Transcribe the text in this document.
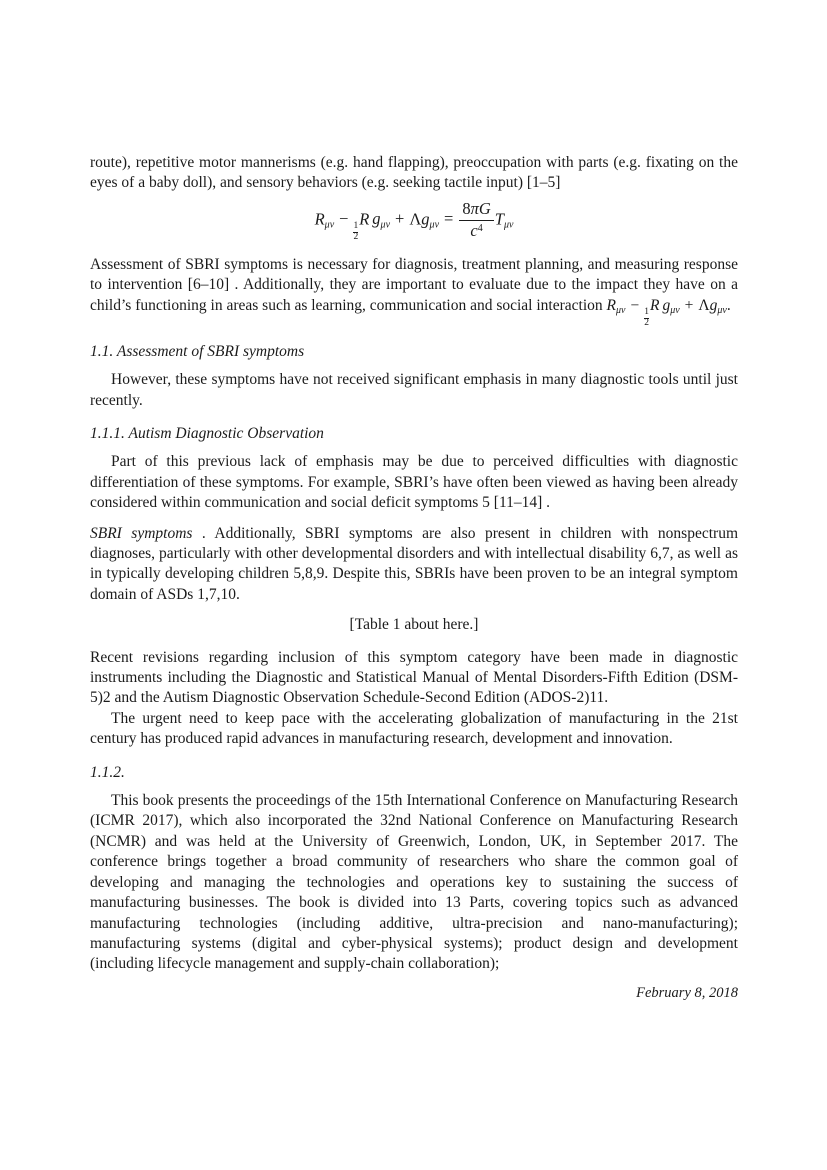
route), repetitive motor mannerisms (e.g. hand flapping), preoccupation with parts (e.g. fixating on the eyes of a baby doll), and sensory behaviors (e.g. seeking tactile input) [1–5]

$R_{\mu\nu}$ −
$\frac{1}{2}$
R $g_{\mu\nu} + \Lambda g_{\mu\nu} = \frac{8\pi G}{c^4} T_{\mu\nu}$

Assessment of SBRI symptoms is necessary for diagnosis, treatment planning, and measuring response to intervention [6–10] . Additionally, they are important to evaluate due to the impact they have on a child’s functioning in areas such as learning, communication and social interaction $R_{\mu\nu}$ −
$\frac{1}{2}$
R $g_{\mu\nu} + \Lambda g_{\mu\nu}$.

1.1. Assessment of SBRI symptoms

However, these symptoms have not received significant emphasis in many diagnostic tools until just recently.

1.1.1. Autism Diagnostic Observation

Part of this previous lack of emphasis may be due to perceived difficulties with diagnostic differentiation of these symptoms. For example, SBRI’s have often been viewed as having been already considered within communication and social deficit symptoms 5 [11–14] .

SBRI symptoms . Additionally, SBRI symptoms are also present in children with nonspectrum diagnoses, particularly with other developmental disorders and with intellectual disability 6,7, as well as in typically developing children 5,8,9. Despite this, SBRIs have been proven to be an integral symptom domain of ASDs 1,7,10.

[Table 1 about here.]

Recent revisions regarding inclusion of this symptom category have been made in diagnostic instruments including the Diagnostic and Statistical Manual of Mental Disorders-Fifth Edition (DSM-5)2 and the Autism Diagnostic Observation Schedule-Second Edition (ADOS-2)11.

The urgent need to keep pace with the accelerating globalization of manufacturing in the 21st century has produced rapid advances in manufacturing research, development and innovation.

1.1.2.

This book presents the proceedings of the 15th International Conference on Manufacturing Research (ICMR 2017), which also incorporated the 32nd National Conference on Manufacturing Research (NCMR) and was held at the University of Greenwich, London, UK, in September 2017. The conference brings together a broad community of researchers who share the common goal of developing and managing the technologies and operations key to sustaining the success of manufacturing businesses. The book is divided into 13 Parts, covering topics such as advanced manufacturing technologies (including additive, ultra-precision and nano-manufacturing); manufacturing systems (digital and cyber-physical systems); product design and development (including lifecycle management and supply-chain collaboration);

February 8, 2018
